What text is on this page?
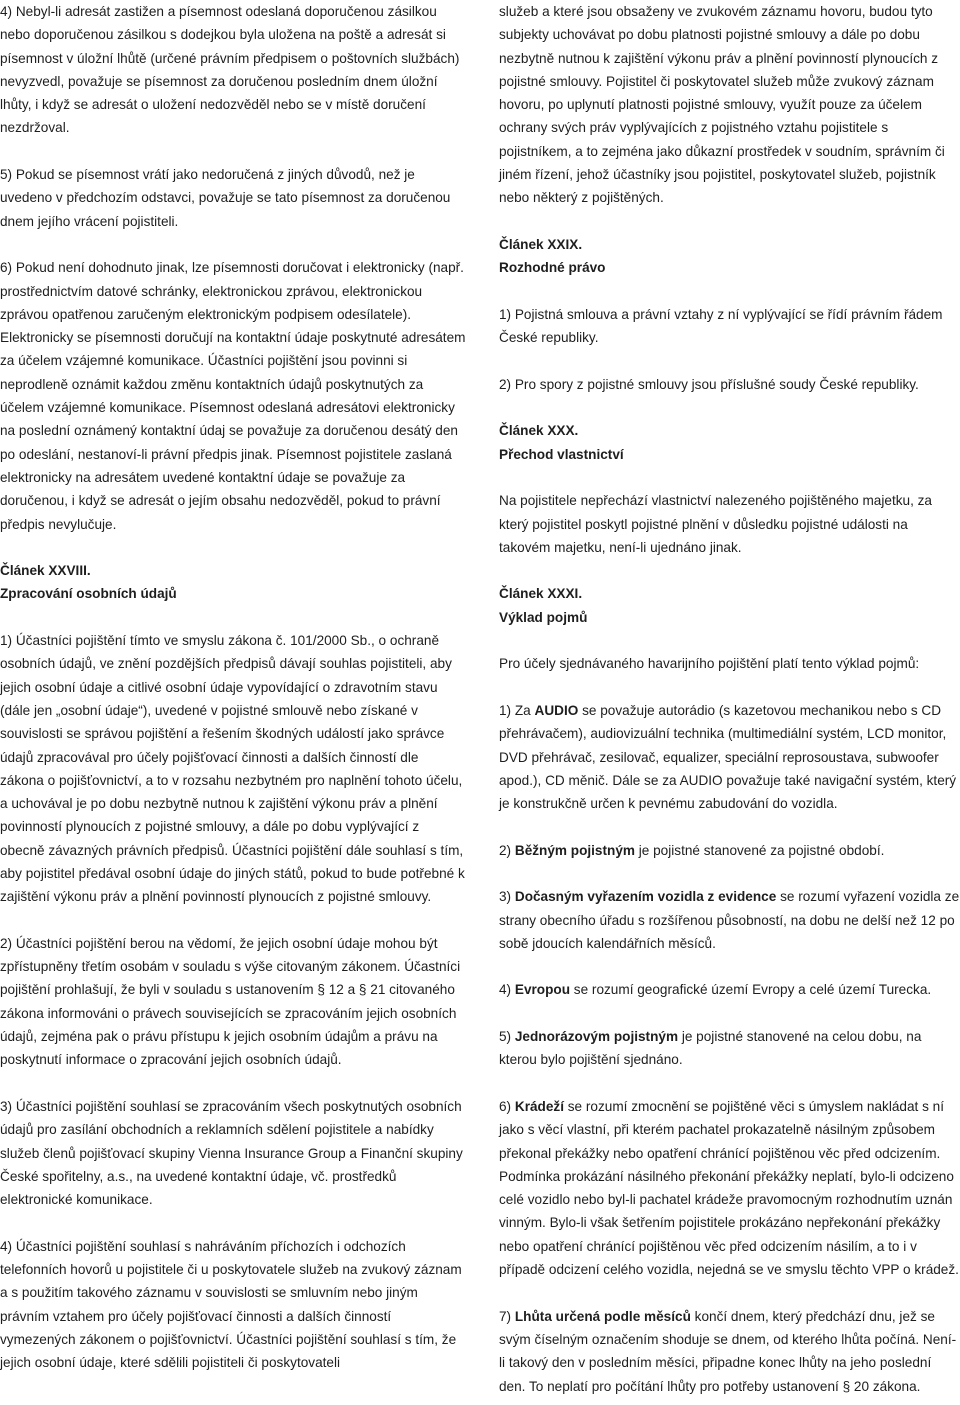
4) Nebyl-li adresát zastižen a písemnost odeslaná doporučenou zásilkou nebo doporučenou zásilkou s dodejkou byla uložena na poště a adresát si písemnost v úložní lhůtě (určené právním předpisem o poštovních službách) nevyzvedl, považuje se písemnost za doručenou posledním dnem úložní lhůty, i když se adresát o uložení nedozvěděl nebo se v místě doručení nezdržoval.

5) Pokud se písemnost vrátí jako nedoručená z jiných důvodů, než je uvedeno v předchozím odstavci, považuje se tato písemnost za doručenou dnem jejího vrácení pojistiteli.

6) Pokud není dohodnuto jinak, lze písemnosti doručovat i elektronicky (např. prostřednictvím datové schránky, elektronickou zprávou, elektronickou zprávou opatřenou zaručeným elektronickým podpisem odesílatele). Elektronicky se písemnosti doručují na kontaktní údaje poskytnuté adresátem za účelem vzájemné komunikace. Účastníci pojištění jsou povinni si neprodleně oznámit každou změnu kontaktních údajů poskytnutých za účelem vzájemné komunikace. Písemnost odeslaná adresátovi elektronicky na poslední oznámený kontaktní údaj se považuje za doručenou desátý den po odeslání, nestanoví-li právní předpis jinak. Písemnost pojistitele zaslaná elektronicky na adresátem uvedené kontaktní údaje se považuje za doručenou, i když se adresát o jejím obsahu nedozvěděl, pokud to právní předpis nevylučuje.

Článek XXVIII.
Zpracování osobních údajů

1) Účastníci pojištění tímto ve smyslu zákona č. 101/2000 Sb., o ochraně osobních údajů, ve znění pozdějších předpisů dávají souhlas pojistiteli, aby jejich osobní údaje a citlivé osobní údaje vypovídající o zdravotním stavu (dále jen „osobní údaje“), uvedené v pojistné smlouvě nebo získané v souvislosti se správou pojištění a řešením škodných událostí jako správce údajů zpracovával pro účely pojišťovací činnosti a dalších činností dle zákona o pojišťovnictví, a to v rozsahu nezbytném pro naplnění tohoto účelu, a uchovával je po dobu nezbytně nutnou k zajištění výkonu práv a plnění povinností plynoucích z pojistné smlouvy, a dále po dobu vyplývající z obecně závazných právních předpisů. Účastníci pojištění dále souhlasí s tím, aby pojistitel předával osobní údaje do jiných států, pokud to bude potřebné k zajištění výkonu práv a plnění povinností plynoucích z pojistné smlouvy.

2) Účastníci pojištění berou na vědomí, že jejich osobní údaje mohou být zpřístupněny třetím osobám v souladu s výše citovaným zákonem. Účastníci pojištění prohlašují, že byli v souladu s ustanovením § 12 a § 21 citovaného zákona informováni o právech souvisejících se zpracováním jejich osobních údajů, zejména pak o právu přístupu k jejich osobním údajům a právu na poskytnutí informace o zpracování jejich osobních údajů.

3) Účastníci pojištění souhlasí se zpracováním všech poskytnutých osobních údajů pro zasílání obchodních a reklamních sdělení pojistitele a nabídky služeb členů pojišťovací skupiny Vienna Insurance Group a Finanční skupiny České spořitelny, a.s., na uvedené kontaktní údaje, vč. prostředků elektronické komunikace.

4) Účastníci pojištění souhlasí s nahráváním příchozích i odchozích telefonních hovorů u pojistitele či u poskytovatele služeb na zvukový záznam a s použitím takového záznamu v souvislosti se smluvním nebo jiným právním vztahem pro účely pojišťovací činnosti a dalších činností vymezených zákonem o pojišťovnictví. Účastníci pojištění souhlasí s tím, že jejich osobní údaje, které sdělili pojistiteli či poskytovateli

služeb a které jsou obsaženy ve zvukovém záznamu hovoru, budou tyto subjekty uchovávat po dobu platnosti pojistné smlouvy a dále po dobu nezbytně nutnou k zajištění výkonu práv a plnění povinností plynoucích z pojistné smlouvy. Pojistitel či poskytovatel služeb může zvukový záznam hovoru, po uplynutí platnosti pojistné smlouvy, využít pouze za účelem ochrany svých práv vyplývajících z pojistného vztahu pojistitele s pojistníkem, a to zejména jako důkazní prostředek v soudním, správním či jiném řízení, jehož účastníky jsou pojistitel, poskytovatel služeb, pojistník nebo některý z pojištěných.

Článek XXIX.
Rozhodné právo

1) Pojistná smlouva a právní vztahy z ní vyplývající se řídí právním řádem České republiky.

2) Pro spory z pojistné smlouvy jsou příslušné soudy České republiky.

Článek XXX.
Přechod vlastnictví

Na pojistitele nepřechází vlastnictví nalezeného pojištěného majetku, za který pojistitel poskytl pojistné plnění v důsledku pojistné události na takovém majetku, není-li ujednáno jinak.

Článek XXXI.
Výklad pojmů

Pro účely sjednávaného havarijního pojištění platí tento výklad pojmů:

1) Za AUDIO se považuje autorádio (s kazetovou mechanikou nebo s CD přehrávačem), audiovizuální technika (multimediální systém, LCD monitor, DVD přehrávač, zesilovač, equalizer, speciální reprosoustava, subwoofer apod.), CD měnič. Dále se za AUDIO považuje také navigační systém, který je konstrukčně určen k pevnému zabudování do vozidla.

2) Běžným pojistným je pojistné stanovené za pojistné období.

3) Dočasným vyřazením vozidla z evidence se rozumí vyřazení vozidla ze strany obecního úřadu s rozšířenou působností, na dobu ne delší než 12 po sobě jdoucích kalendářních měsíců.

4) Evropou se rozumí geografické území Evropy a celé území Turecka.

5) Jednorázovým pojistným je pojistné stanovené na celou dobu, na kterou bylo pojištění sjednáno.

6) Krádeží se rozumí zmocnění se pojištěné věci s úmyslem nakládat s ní jako s věcí vlastní, při kterém pachatel prokazatelně násilným způsobem překonal překážky nebo opatření chránící pojištěnou věc před odcizením. Podmínka prokázání násilného překonání překážky neplatí, bylo-li odcizeno celé vozidlo nebo byl-li pachatel krádeže pravomocným rozhodnutím uznán vinným. Bylo-li však šetřením pojistitele prokázáno nepřekonání překážky nebo opatření chránící pojištěnou věc před odcizením násilím, a to i v případě odcizení celého vozidla, nejedná se ve smyslu těchto VPP o krádež.

7) Lhůta určená podle měsíců končí dnem, který předchází dnu, jež se svým číselným označením shoduje se dnem, od kterého lhůta počíná. Není-li takový den v posledním měsíci, připadne konec lhůty na jeho poslední den. To neplatí pro počítání lhůty pro potřeby ustanovení § 20 zákona.
